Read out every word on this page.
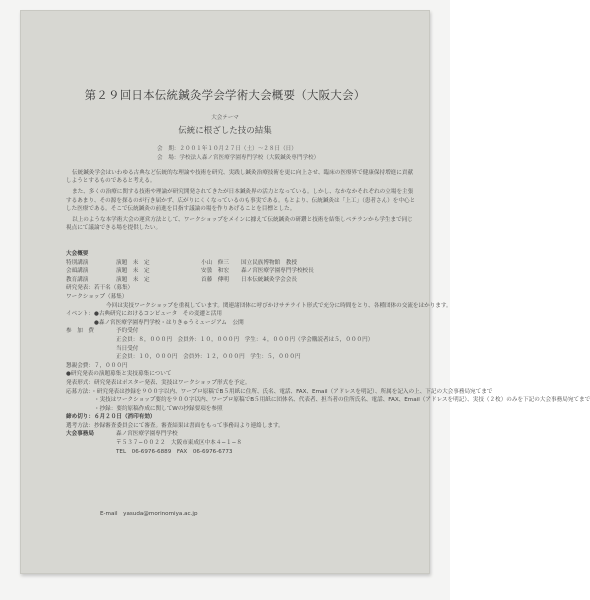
第２９回日本伝統鍼灸学会学術大会概要（大阪大会）
大会テーマ
伝統に根ざした技の結集
会　期：２００１年１０月２７日（土）～２８日（日）
会　場：学校法人森ノ宮医療学園専門学校（大阪鍼灸専門学校）

伝統鍼灸学会はいわゆる古典など伝統的な理論や技術を研究、実践し鍼灸治療技術を更に向上させ、臨床の医療界で健康保持増進に貢献しようとするものであると考える。

また、多くの治療に関する技術や理論が研究開発されてきたが日本鍼灸界の活力となっている。しかし、なかなかそれぞれの立場を主張するあまり、その源を探るのが行き届かず、広がりにくくなっているのも事実である。もとより、伝統鍼灸は「上工」（患者さん）を中心とした医療である。そこで伝統鍼灸の前進を目指す議論の場を作りあげることを目標とした。

以上のような本学術大会の運営方法として、ワークショップをメインに據えて伝統鍼灸の研鑽と技術を結集しベテランから学生まで同じ視点にて議論できる場を提供したい。

大会概要
特別講演	演題　未　定	小山　修三 国立民族博物館　教授
会頭講演	演題　未　定	安曇　和宏 森ノ宮医療学園専門学校校長
教育講演	演題　未　定	首藤　傳明 日本伝統鍼灸学会会長
研究発表：若干名（募集）
ワークショップ（募集）
今回は実技ワークショップを重視しています。関連諸団体に呼びかけサテライト形式で充分に時間をとり、各種団体の交流をはかります。
イベント：●古典研究におけるコンピュータ　その変遷と活用
　　　　　●森ノ宮医療学園専門学校・はりきゅうミュージアム　公開
参　加　費	予約受付
正会員：８，０００円　会員外：１０，０００円　学生：４，０００円（学会購読者は５，０００円）
当日受付
正会員：１０，０００円　会員外：１２，０００円　学生：５，０００円
懇親会費：７，０００円
●研究発表の演題募集と実技募集について
発表形式：研究発表はポスター発表、実技はワークショップ形式を予定。
応募方法：・研究発表は抄録を９００字以内、ワープロ原稿でB５用紙に住所、氏名、電話、FAX、Email（アドレスを明記）、所属を記入の上、下記の大会事務局宛てまで
　　　　　・実技はワークショップ要約を９００字以内、ワープロ原稿でB５用紙に団体名、代表者、担当者の住所氏名、電話、FAX、Email（アドレスを明記）、実技（２枚）のみを下記の大会事務局宛てまで
　　　　　・抄録：要約原稿作成に関してWの抄録要項を参照
締め切り：６月２０日（消印有効）
選考方法：抄録審査委員会にて審査。審査結果は書面をもって事務局より連絡します。
大会事務局	森ノ宮医療学園専門学校
〒５３７−００２２　大阪市東成区中本４−１−８
TEL　06-6976-6889　FAX　06-6976-6773
E-mail　yasuda@morinomiya.ac.jp
